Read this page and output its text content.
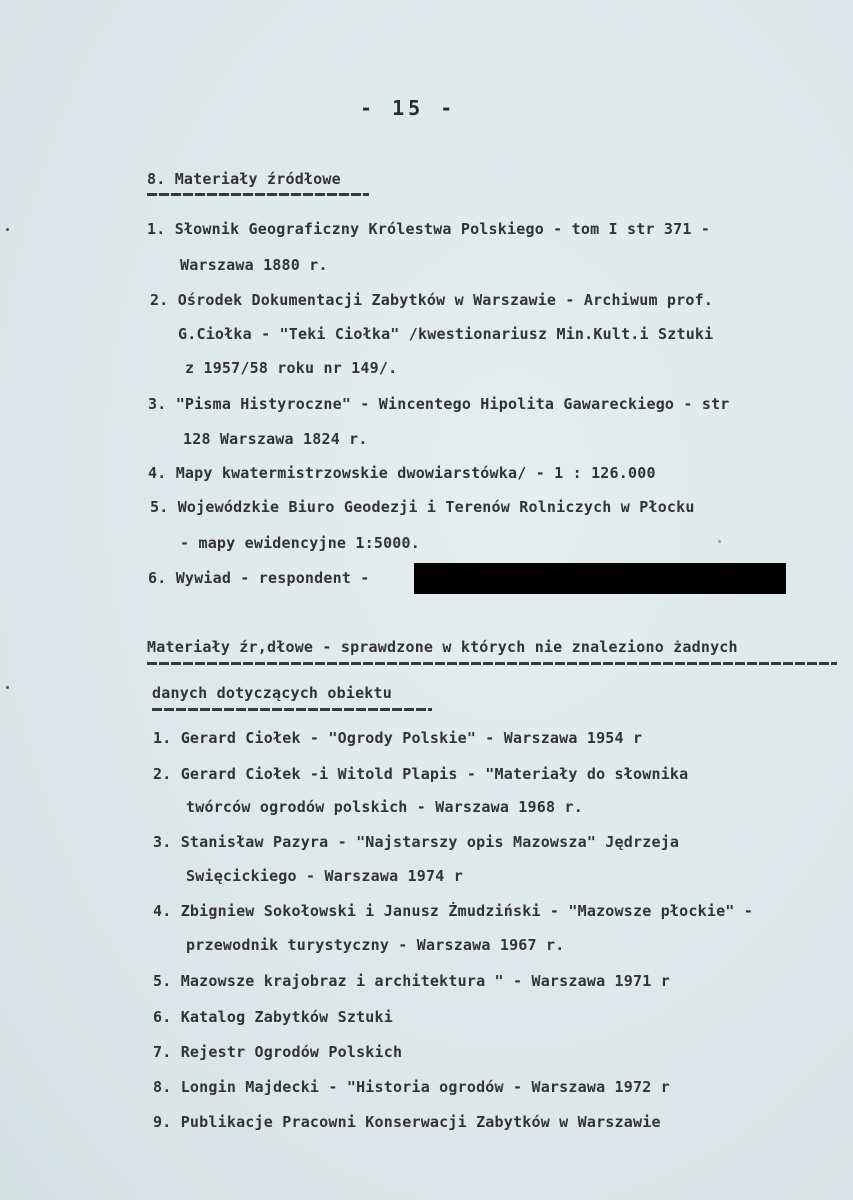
- 15 -
8. Materiały źródłowe
1. Słownik Geograficzny Królestwa Polskiego - tom I str 371 -
Warszawa 1880 r.
2. Ośrodek Dokumentacji Zabytków w Warszawie - Archiwum prof.
G.Ciołka - "Teki Ciołka" /kwestionariusz Min.Kult.i Sztuki
z 1957/58 roku nr 149/.
3. "Pisma Histyroczne" - Wincentego Hipolita Gawareckiego - str
128 Warszawa 1824 r.
4. Mapy kwatermistrzowskie dwowiarstówka/ - 1 : 126.000
5. Wojewódzkie Biuro Geodezji i Terenów Rolniczych w Płocku
- mapy ewidencyjne 1:5000.
6. Wywiad - respondent -
Materiały źr,dłowe - sprawdzone w których nie znaleziono żadnych
danych dotyczących obiektu
1. Gerard Ciołek - "Ogrody Polskie" - Warszawa 1954 r
2. Gerard Ciołek -i Witold Plapis - "Materiały do słownika
twórców ogrodów polskich - Warszawa 1968 r.
3. Stanisław Pazyra - "Najstarszy opis Mazowsza" Jędrzeja
Swięcickiego - Warszawa 1974 r
4. Zbigniew Sokołowski i Janusz Żmudziński - "Mazowsze płockie" -
przewodnik turystyczny - Warszawa 1967 r.
5. Mazowsze krajobraz i architektura " - Warszawa 1971 r
6. Katalog Zabytków Sztuki
7. Rejestr Ogrodów Polskich
8. Longin Majdecki - "Historia ogrodów - Warszawa 1972 r
9. Publikacje Pracowni Konserwacji Zabytków w Warszawie
